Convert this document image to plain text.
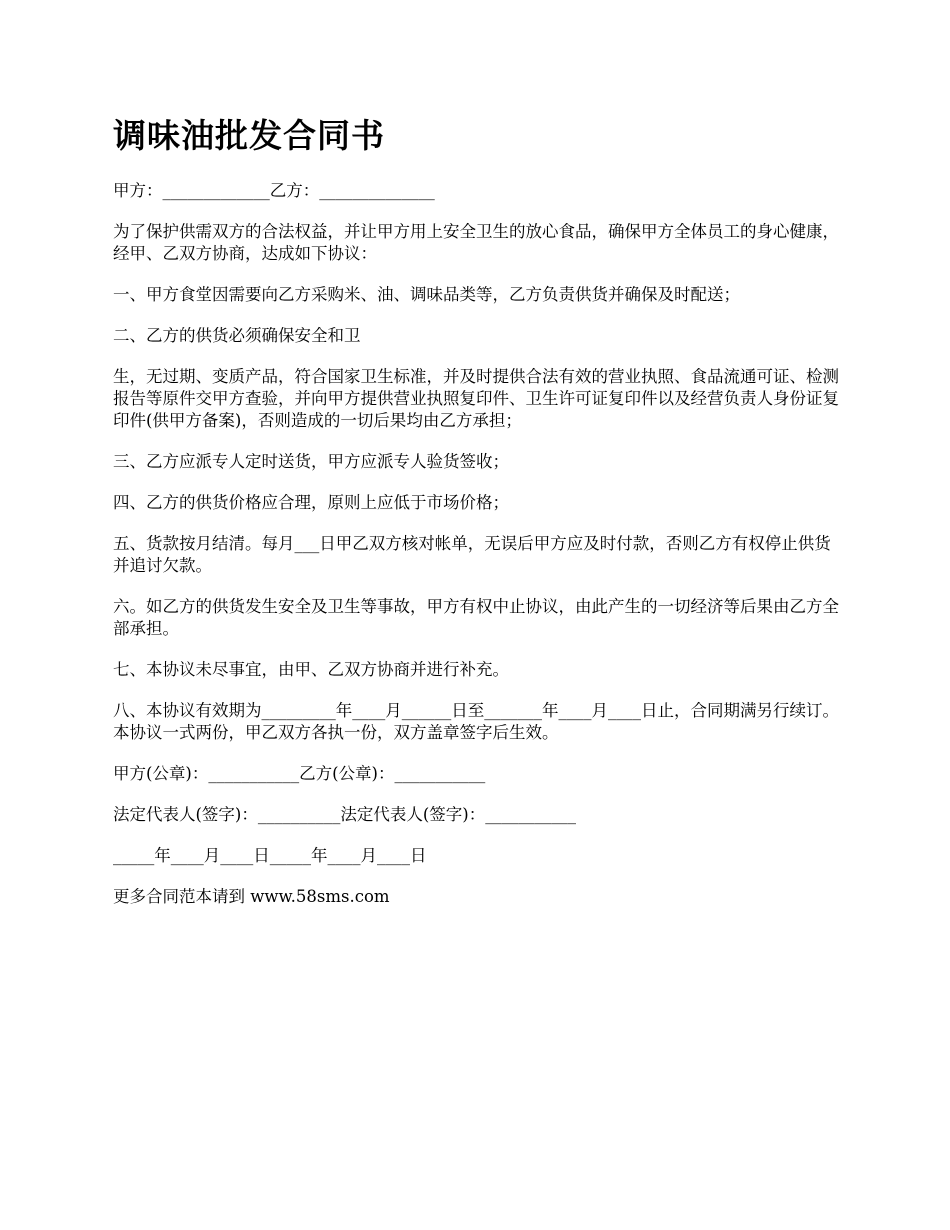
调味油批发合同书

甲方：_____________乙方：______________

为了保护供需双方的合法权益，并让甲方用上安全卫生的放心食品，确保甲方全体员工的身心健康，经甲、乙双方协商，达成如下协议：

一、甲方食堂因需要向乙方采购米、油、调味品类等，乙方负责供货并确保及时配送；

二、乙方的供货必须确保安全和卫

生，无过期、变质产品，符合国家卫生标准，并及时提供合法有效的营业执照、食品流通可证、检测报告等原件交甲方查验，并向甲方提供营业执照复印件、卫生许可证复印件以及经营负责人身份证复印件(供甲方备案)，否则造成的一切后果均由乙方承担；

三、乙方应派专人定时送货，甲方应派专人验货签收；

四、乙方的供货价格应合理，原则上应低于市场价格；

五、货款按月结清。每月___日甲乙双方核对帐单，无误后甲方应及时付款，否则乙方有权停止供货并追讨欠款。

六。如乙方的供货发生安全及卫生等事故，甲方有权中止协议，由此产生的一切经济等后果由乙方全部承担。

七、本协议未尽事宜，由甲、乙双方协商并进行补充。

八、本协议有效期为_________年____月______日至_______年____月____日止，合同期满另行续订。本协议一式两份，甲乙双方各执一份，双方盖章签字后生效。

甲方(公章)：___________乙方(公章)：___________

法定代表人(签字)：__________法定代表人(签字)：___________

_____年____月____日_____年____月____日

更多合同范本请到 www.58sms.com
